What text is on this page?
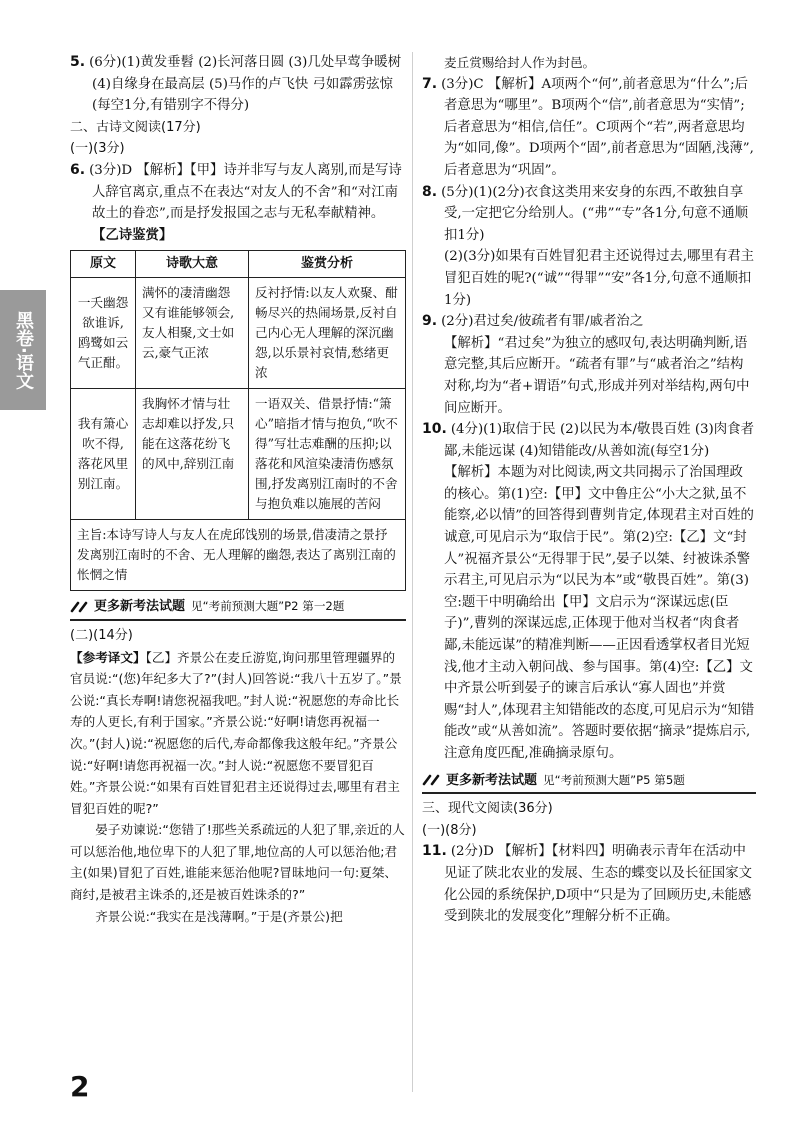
黑卷·语文

5. (6分)(1)黄发垂髫 (2)长河落日圆 (3)几处早莺争暖树 (4)自缘身在最高层 (5)马作的卢飞快 弓如霹雳弦惊(每空1分,有错别字不得分)

二、古诗文阅读(17分)

(一)(3分)

6. (3分)D 【解析】【甲】诗并非写与友人离别,而是写诗人辞官离京,重点不在表达“对友人的不舍”和“对江南故土的眷恋”,而是抒发报国之志与无私奉献精神。

【乙诗鉴赏】

原文	诗歌大意	鉴赏分析
一夭幽怨欲谁诉,鸥鹭如云气正酣。	满怀的凄清幽怨又有谁能够领会,友人相聚,文士如云,豪气正浓	反衬抒情:以友人欢聚、酣畅尽兴的热闹场景,反衬自己内心无人理解的深沉幽怨,以乐景衬哀情,愁绪更浓
我有箫心吹不得,落花风里别江南。	我胸怀才情与壮志却难以抒发,只能在这落花纷飞的风中,辞别江南	一语双关、借景抒情:“箫心”暗指才情与抱负,“吹不得”写壮志难酬的压抑;以落花和风渲染凄清伤感氛围,抒发离别江南时的不舍与抱负难以施展的苦闷
主旨:本诗写诗人与友人在虎邱饯别的场景,借凄清之景抒发离别江南时的不舍、无人理解的幽怨,表达了离别江南的怅惘之情		
更多新考法试题 见“考前预测大题”P2 第一2题

(二)(14分)

【参考译文】【乙】齐景公在麦丘游览,询问那里管理疆界的官员说:“(您)年纪多大了?”(封人)回答说:“我八十五岁了。”景公说:“真长寿啊!请您祝福我吧。”封人说:“祝愿您的寿命比长寿的人更长,有利于国家。”齐景公说:“好啊!请您再祝福一次。”(封人)说:“祝愿您的后代,寿命都像我这般年纪。”齐景公说:“好啊!请您再祝福一次。”封人说:“祝愿您不要冒犯百姓。”齐景公说:“如果有百姓冒犯君主还说得过去,哪里有君主冒犯百姓的呢?”

晏子劝谏说:“您错了!那些关系疏远的人犯了罪,亲近的人可以惩治他,地位卑下的人犯了罪,地位高的人可以惩治他;君主(如果)冒犯了百姓,谁能来惩治他呢?冒昧地问一句:夏桀、商纣,是被君主诛杀的,还是被百姓诛杀的?”

齐景公说:“我实在是浅薄啊。”于是(齐景公)把

麦丘赏赐给封人作为封邑。

7. (3分)C 【解析】A项两个“何”,前者意思为“什么”;后者意思为“哪里”。B项两个“信”,前者意思为“实情”;后者意思为“相信,信任”。C项两个“若”,两者意思均为“如同,像”。D项两个“固”,前者意思为“固陋,浅薄”,后者意思为“巩固”。

8. (5分)(1)(2分)衣食这类用来安身的东西,不敢独自享受,一定把它分给别人。(“弗”“专”各1分,句意不通顺扣1分)

(2)(3分)如果有百姓冒犯君主还说得过去,哪里有君主冒犯百姓的呢?(“诚”“得罪”“安”各1分,句意不通顺扣1分)

9. (2分)君过矣/彼疏者有罪/戚者治之

【解析】“君过矣”为独立的感叹句,表达明确判断,语意完整,其后应断开。“疏者有罪”与“戚者治之”结构对称,均为“者+谓语”句式,形成并列对举结构,两句中间应断开。

10. (4分)(1)取信于民 (2)以民为本/敬畏百姓 (3)肉食者鄙,未能远谋 (4)知错能改/从善如流(每空1分)

【解析】本题为对比阅读,两文共同揭示了治国理政的核心。第(1)空:【甲】文中鲁庄公“小大之狱,虽不能察,必以情”的回答得到曹刿肯定,体现君主对百姓的诚意,可见启示为“取信于民”。第(2)空:【乙】文“封人”祝福齐景公“无得罪于民”,晏子以桀、纣被诛杀警示君主,可见启示为“以民为本”或“敬畏百姓”。第(3)空:题干中明确给出【甲】文启示为“深谋远虑(臣子)”,曹刿的深谋远虑,正体现于他对当权者“肉食者鄙,未能远谋”的精准判断——正因看透掌权者目光短浅,他才主动入朝问战、参与国事。第(4)空:【乙】文中齐景公听到晏子的谏言后承认“寡人固也”并赏赐“封人”,体现君主知错能改的态度,可见启示为“知错能改”或“从善如流”。答题时要依据“摘录”提炼启示,注意角度匹配,准确摘录原句。

更多新考法试题 见“考前预测大题”P5 第5题

三、现代文阅读(36分)

(一)(8分)

11. (2分)D 【解析】【材料四】明确表示青年在活动中见证了陕北农业的发展、生态的蝶变以及长征国家文化公园的系统保护,D项中“只是为了回顾历史,未能感受到陕北的发展变化”理解分析不正确。

2
